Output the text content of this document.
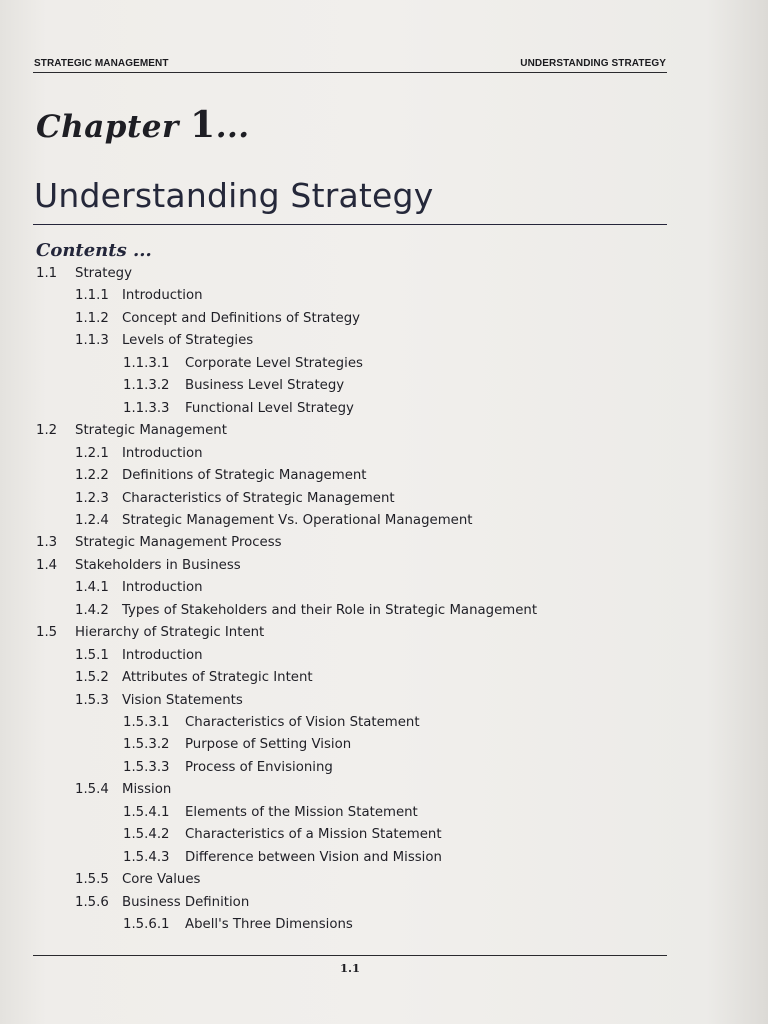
STRATEGIC MANAGEMENT	UNDERSTANDING STRATEGY
Chapter 1...
Understanding Strategy
Contents ...
1.1 Strategy
1.1.1 Introduction
1.1.2 Concept and Definitions of Strategy
1.1.3 Levels of Strategies
1.1.3.1 Corporate Level Strategies
1.1.3.2 Business Level Strategy
1.1.3.3 Functional Level Strategy
1.2 Strategic Management
1.2.1 Introduction
1.2.2 Definitions of Strategic Management
1.2.3 Characteristics of Strategic Management
1.2.4 Strategic Management Vs. Operational Management
1.3 Strategic Management Process
1.4 Stakeholders in Business
1.4.1 Introduction
1.4.2 Types of Stakeholders and their Role in Strategic Management
1.5 Hierarchy of Strategic Intent
1.5.1 Introduction
1.5.2 Attributes of Strategic Intent
1.5.3 Vision Statements
1.5.3.1 Characteristics of Vision Statement
1.5.3.2 Purpose of Setting Vision
1.5.3.3 Process of Envisioning
1.5.4 Mission
1.5.4.1 Elements of the Mission Statement
1.5.4.2 Characteristics of a Mission Statement
1.5.4.3 Difference between Vision and Mission
1.5.5 Core Values
1.5.6 Business Definition
1.5.6.1 Abell's Three Dimensions
1.1
